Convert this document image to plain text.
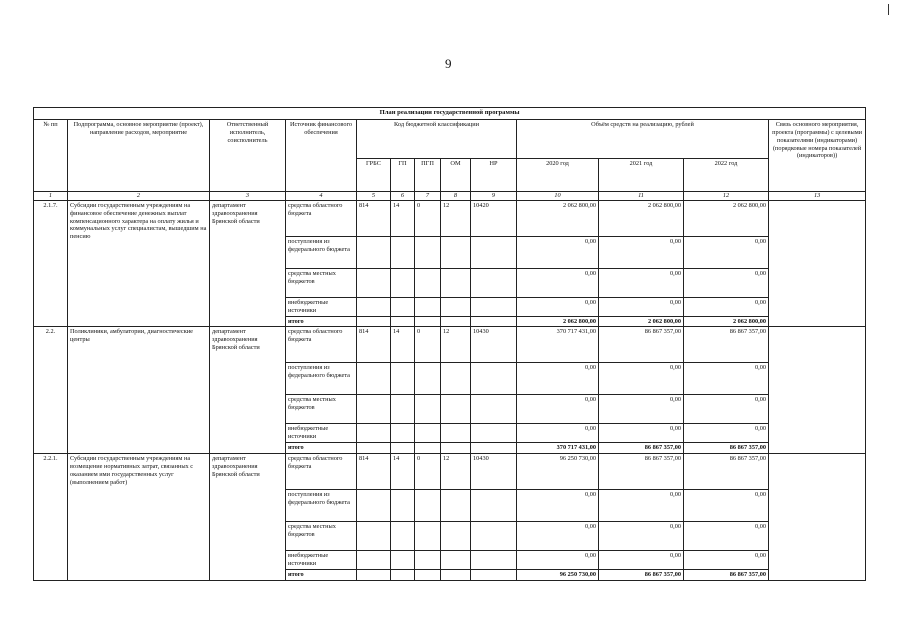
9
План реализации государственной программы												
№ пп	Подпрограмма, основное мероприятие (проект), направление расходов, мероприятие	Ответственный исполнитель, соисполнитель	Источник финансового обеспечения	Код бюджетной классификации					Объём средств на реализацию, рублей			Связь основного мероприятия, проекта (программы) с целевыми показателями (индикаторами) (порядковые номера показателей (индикаторов))
				ГРБС	ГП	ПГП	ОМ	НР	2020 год	2021 год	2022 год	
1	2	3	4	5	6	7	8	9	10	11	12	13
2.1.7.	Субсидии государственным учреждениям на финансовое обеспечение денежных выплат компенсационного характера на оплату жилья и коммунальных услуг специалистам, вышедшим на пенсию	департамент здравоохранения Брянской области	средства областного бюджета	814	14	0	12	10420	2 062 800,00	2 062 800,00	2 062 800,00	
			поступления из федерального бюджета						0,00	0,00	0,00	
			средства местных бюджетов						0,00	0,00	0,00	
			внебюджетные источники						0,00	0,00	0,00	
			итого						2 062 800,00	2 062 800,00	2 062 800,00	
2.2.	Поликлиники, амбулатории, диагностические центры	департамент здравоохранения Брянской области	средства областного бюджета	814	14	0	12	10430	370 717 431,00	86 867 357,00	86 867 357,00	
			поступления из федерального бюджета						0,00	0,00	0,00	
			средства местных бюджетов						0,00	0,00	0,00	
			внебюджетные источники						0,00	0,00	0,00	
			итого						370 717 431,00	86 867 357,00	86 867 357,00	
2.2.1.	Субсидии государственным учреждениям на возмещение нормативных затрат, связанных с оказанием ими государственных услуг (выполнением работ)	департамент здравоохранения Брянской области	средства областного бюджета	814	14	0	12	10430	96 250 730,00	86 867 357,00	86 867 357,00	
			поступления из федерального бюджета						0,00	0,00	0,00	
			средства местных бюджетов						0,00	0,00	0,00	
			внебюджетные источники						0,00	0,00	0,00	
			итого						96 250 730,00	86 867 357,00	86 867 357,00	
